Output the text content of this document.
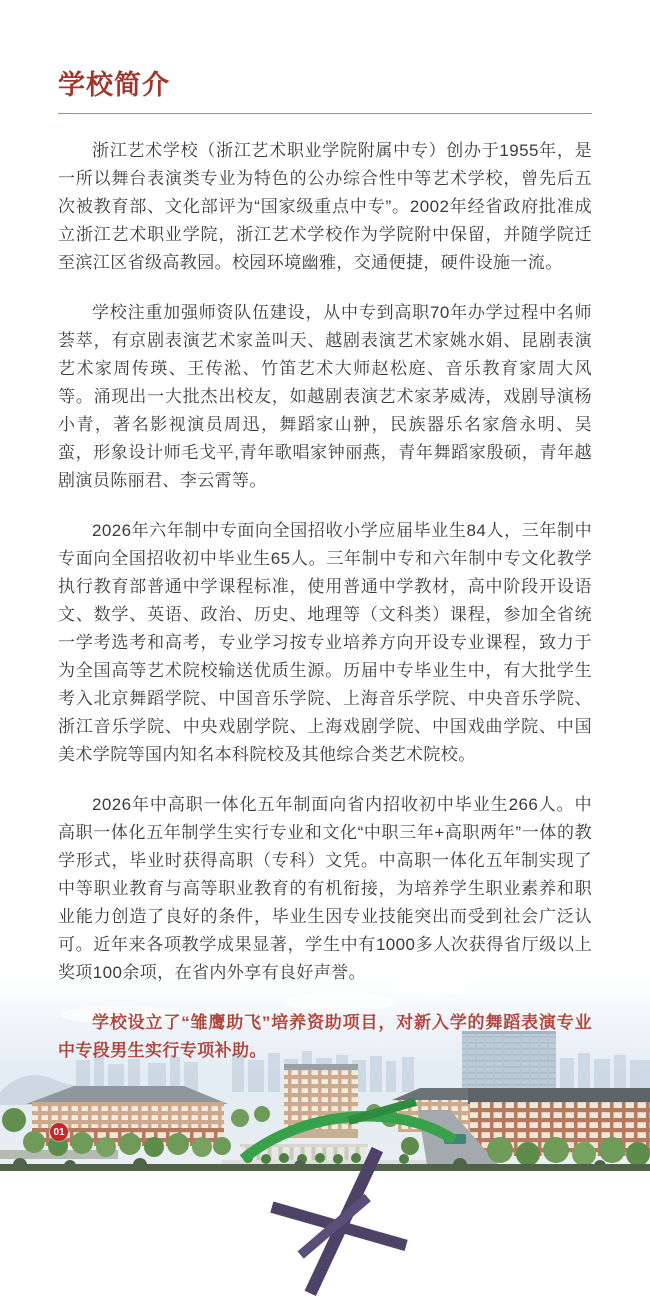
学校简介

浙江艺术学校（浙江艺术职业学院附属中专）创办于1955年，是一所以舞台表演类专业为特色的公办综合性中等艺术学校，曾先后五次被教育部、文化部评为“国家级重点中专”。2002年经省政府批准成立浙江艺术职业学院，浙江艺术学校作为学院附中保留，并随学院迁至滨江区省级高教园。校园环境幽雅，交通便捷，硬件设施一流。

学校注重加强师资队伍建设，从中专到高职70年办学过程中名师荟萃，有京剧表演艺术家盖叫天、越剧表演艺术家姚水娟、昆剧表演艺术家周传瑛、王传淞、竹笛艺术大师赵松庭、音乐教育家周大风等。涌现出一大批杰出校友，如越剧表演艺术家茅威涛，戏剧导演杨小青，著名影视演员周迅，舞蹈家山翀，民族器乐名家詹永明、吴蛮，形象设计师毛戈平,青年歌唱家钟丽燕，青年舞蹈家殷硕，青年越剧演员陈丽君、李云霄等。

2026年六年制中专面向全国招收小学应届毕业生84人，三年制中专面向全国招收初中毕业生65人。三年制中专和六年制中专文化教学执行教育部普通中学课程标准，使用普通中学教材，高中阶段开设语文、数学、英语、政治、历史、地理等（文科类）课程，参加全省统一学考选考和高考，专业学习按专业培养方向开设专业课程，致力于为全国高等艺术院校输送优质生源。历届中专毕业生中，有大批学生考入北京舞蹈学院、中国音乐学院、上海音乐学院、中央音乐学院、浙江音乐学院、中央戏剧学院、上海戏剧学院、中国戏曲学院、中国美术学院等国内知名本科院校及其他综合类艺术院校。

2026年中高职一体化五年制面向省内招收初中毕业生266人。中高职一体化五年制学生实行专业和文化“中职三年+高职两年”一体的教学形式，毕业时获得高职（专科）文凭。中高职一体化五年制实现了中等职业教育与高等职业教育的有机衔接，为培养学生职业素养和职业能力创造了良好的条件，毕业生因专业技能突出而受到社会广泛认可。近年来各项教学成果显著，学生中有1000多人次获得省厅级以上奖项100余项，在省内外享有良好声誉。

学校设立了“雏鹰助飞”培养资助项目，对新入学的舞蹈表演专业中专段男生实行专项补助。

01
